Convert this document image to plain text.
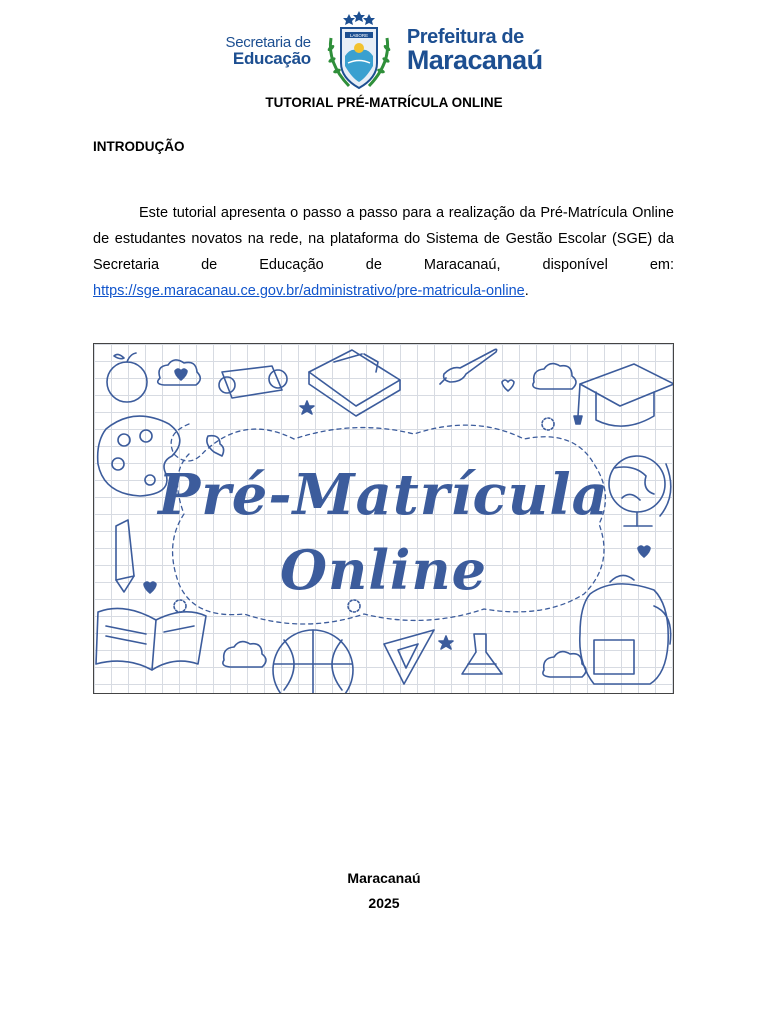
Secretaria de
Educação
LABORE Prefeitura de
Maracanaú
TUTORIAL PRÉ-MATRÍCULA ONLINE
INTRODUÇÃO

Este tutorial apresenta o passo a passo para a realização da Pré-Matrícula Online de estudantes novatos na rede, na plataforma do Sistema de Gestão Escolar (SGE) da Secretaria de Educação de Maracanaú, disponível em: https://sge.maracanau.ce.gov.br/administrativo/pre-matricula-online.

Pré-Matrícula
Online
Maracanaú
2025
